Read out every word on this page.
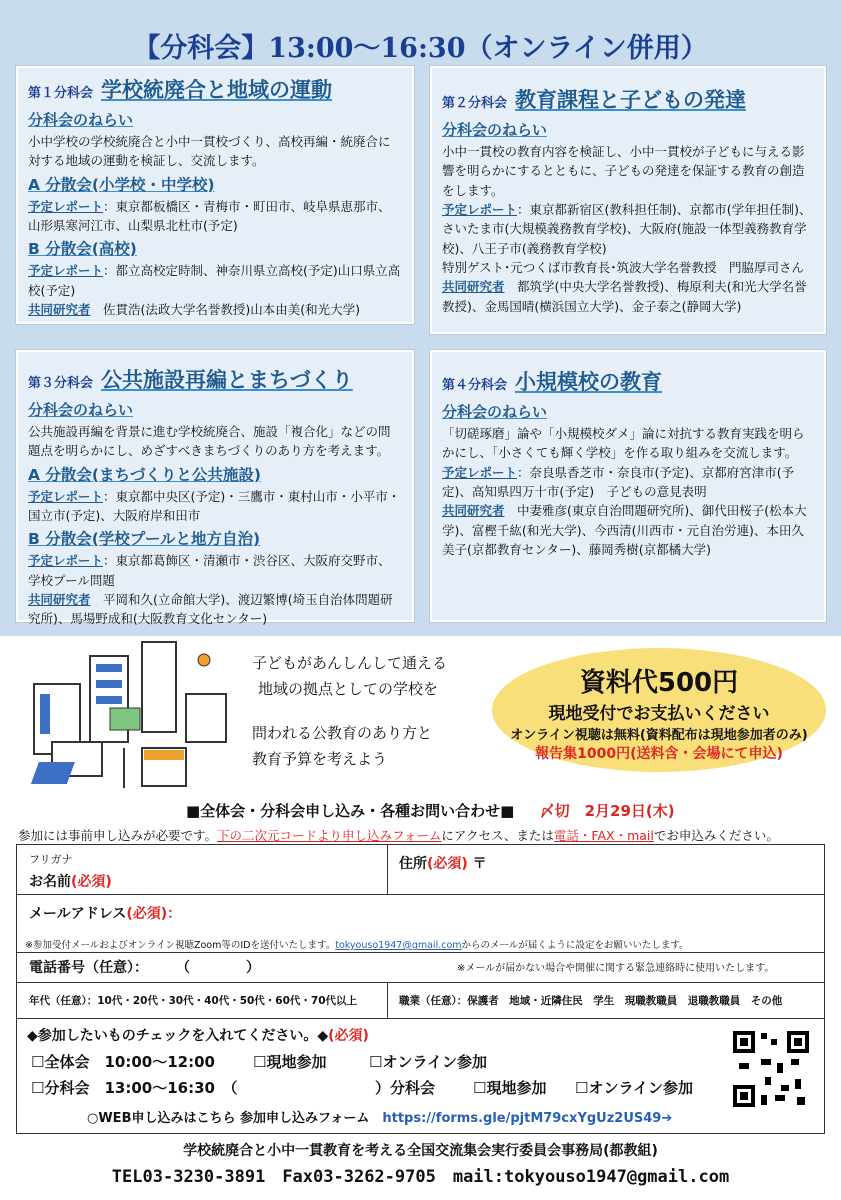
【分科会】13:00～16:30（オンライン併用）
第１分科会 学校統廃合と地域の運動
分科会のねらい
小中学校の学校統廃合と小中一貫校づくり、高校再編・統廃合に対する地域の運動を検証し、交流します。
A 分散会(小学校・中学校)
予定レポート：東京都板橋区・青梅市・町田市、岐阜県恵那市、山形県寒河江市、山梨県北杜市(予定)
B 分散会(高校)
予定レポート：都立高校定時制、神奈川県立高校(予定)山口県立高校(予定)
共同研究者　 佐貫浩(法政大学名誉教授)山本由美(和光大学)
第２分科会 教育課程と子どもの発達
分科会のねらい
小中一貫校の教育内容を検証し、小中一貫校が子どもに与える影響を明らかにするとともに、子どもの発達を保証する教育の創造をします。
予定レポート：東京都新宿区(教科担任制)、京都市(学年担任制)、さいたま市(大規模義務教育学校)、大阪府(施設一体型義務教育学校)、八王子市(義務教育学校)
特別ゲスト･元つくば市教育長･筑波大学名誉教授　門脇厚司さん
共同研究者　 都筑学(中央大学名誉教授)、梅原利夫(和光大学名誉教授)、金馬国晴(横浜国立大学)、金子泰之(静岡大学)
第３分科会 公共施設再編とまちづくり
分科会のねらい
公共施設再編を背景に進む学校統廃合、施設「複合化」などの問題点を明らかにし、めざすべきまちづくりのあり方を考えます。
A 分散会(まちづくりと公共施設)
予定レポート：東京都中央区(予定)・三鷹市・東村山市・小平市・国立市(予定)、大阪府岸和田市
B 分散会(学校プールと地方自治)
予定レポート：東京都葛飾区・清瀬市・渋谷区、大阪府交野市、学校プール問題
共同研究者　 平岡和久(立命館大学)、渡辺繁博(埼玉自治体問題研究所)、馬場野成和(大阪教育文化センター)
第４分科会 小規模校の教育
分科会のねらい
「切磋琢磨」論や「小規模校ダメ」論に対抗する教育実践を明らかにし、「小さくても輝く学校」を作る取り組みを交流します。
予定レポート：奈良県香芝市・奈良市(予定)、京都府宮津市(予定)、高知県四万十市(予定)　子どもの意見表明
共同研究者　 中妻雅彦(東京自治問題研究所)、御代田桜子(松本大学)、富樫千紘(和光大学)、今西清(川西市・元自治労連)、本田久美子(京都教育センター)、藤岡秀樹(京都橘大学)
子どもがあんしんして通える
地域の拠点としての学校を
問われる公教育のあり方と
教育予算を考えよう
資料代500円
現地受付でお支払いください
オンライン視聴は無料(資料配布は現地参加者のみ)
報告集1000円(送料含・会場にて申込)
■全体会・分科会申し込み・各種お問い合わせ■ 〆切　2月29日(木)
参加には事前申し込みが必要です。下の二次元コードより申し込みフォームにアクセス、または電話・FAX・mailでお申込みください。
フリガナ
お名前(必須)
住所(必須) 〒
メールアドレス(必須)：
※参加受付メールおよびオンライン視聴Zoom等のIDを送付いたします。tokyouso1947@gmail.comからのメールが届くように設定をお願いいたします。
電話番号（任意）：　　　（　　　　）	※メールが届かない場合や開催に関する緊急連絡時に使用いたします。
年代（任意）：10代・20代・30代・40代・50代・60代・70代以上	職業（任意）：保護者　地域・近隣住民　学生　現職教職員　退職教職員　その他
◆参加したいものチェックを入れてください。◆(必須)
☐全体会　10:00～12:00	☐現地参加	☐オンライン参加
☐分科会　13:00～16:30　（	）分科会	☐現地参加 ☐オンライン参加
○WEB申し込みはこちら 参加申し込みフォーム　 https://forms.gle/pjtM79cxYgUz2US49➔
学校統廃合と小中一貫教育を考える全国交流集会実行委員会事務局(都教組)
TEL03-3230-3891　Fax03-3262-9705　mail:tokyouso1947@gmail.com
